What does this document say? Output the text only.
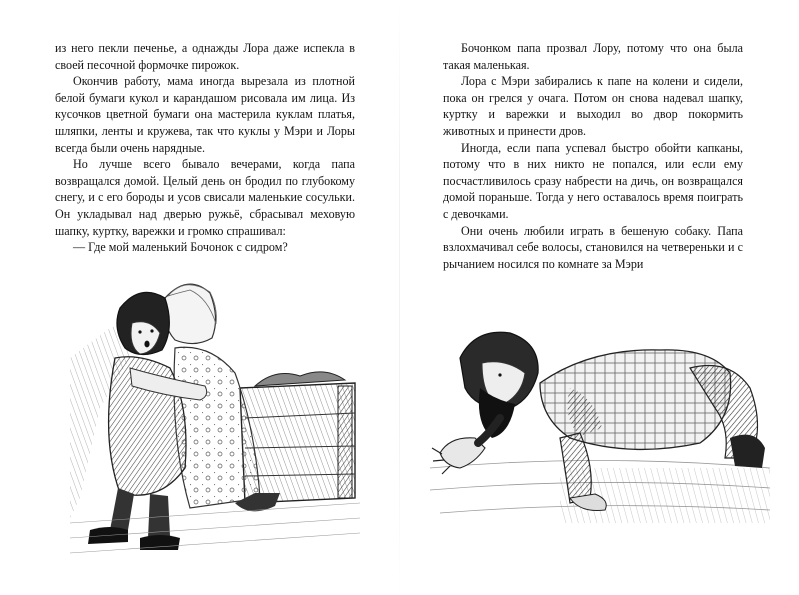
из него пекли печенье, а однажды Лора даже испекла в своей песочной формочке пирожок.

Окончив работу, мама иногда вырезала из плотной белой бумаги кукол и карандашом рисовала им лица. Из кусочков цветной бумаги она мастерила куклам платья, шляпки, ленты и кружева, так что куклы у Мэри и Лоры всегда были очень нарядные.

Но лучше всего бывало вечерами, когда папа возвращался домой. Целый день он бродил по глубокому снегу, и с его бороды и усов свисали маленькие сосульки. Он укладывал над дверью ружьё, сбрасывал меховую шапку, куртку, варежки и громко спрашивал:

— Где мой маленький Бочонок с сидром?

Бочонком папа прозвал Лору, потому что она была такая маленькая.

Лора с Мэри забирались к папе на колени и сидели, пока он грелся у очага. Потом он снова надевал шапку, куртку и варежки и выходил во двор покормить животных и принести дров.

Иногда, если папа успевал быстро обойти капканы, потому что в них никто не попался, или если ему посчастливилось сразу набрести на дичь, он возвращался домой пораньше. Тогда у него оставалось время поиграть с девочками.

Они очень любили играть в бешеную собаку. Папа взлохмачивал себе волосы, становился на четвереньки и с рычанием носился по комнате за Мэри
